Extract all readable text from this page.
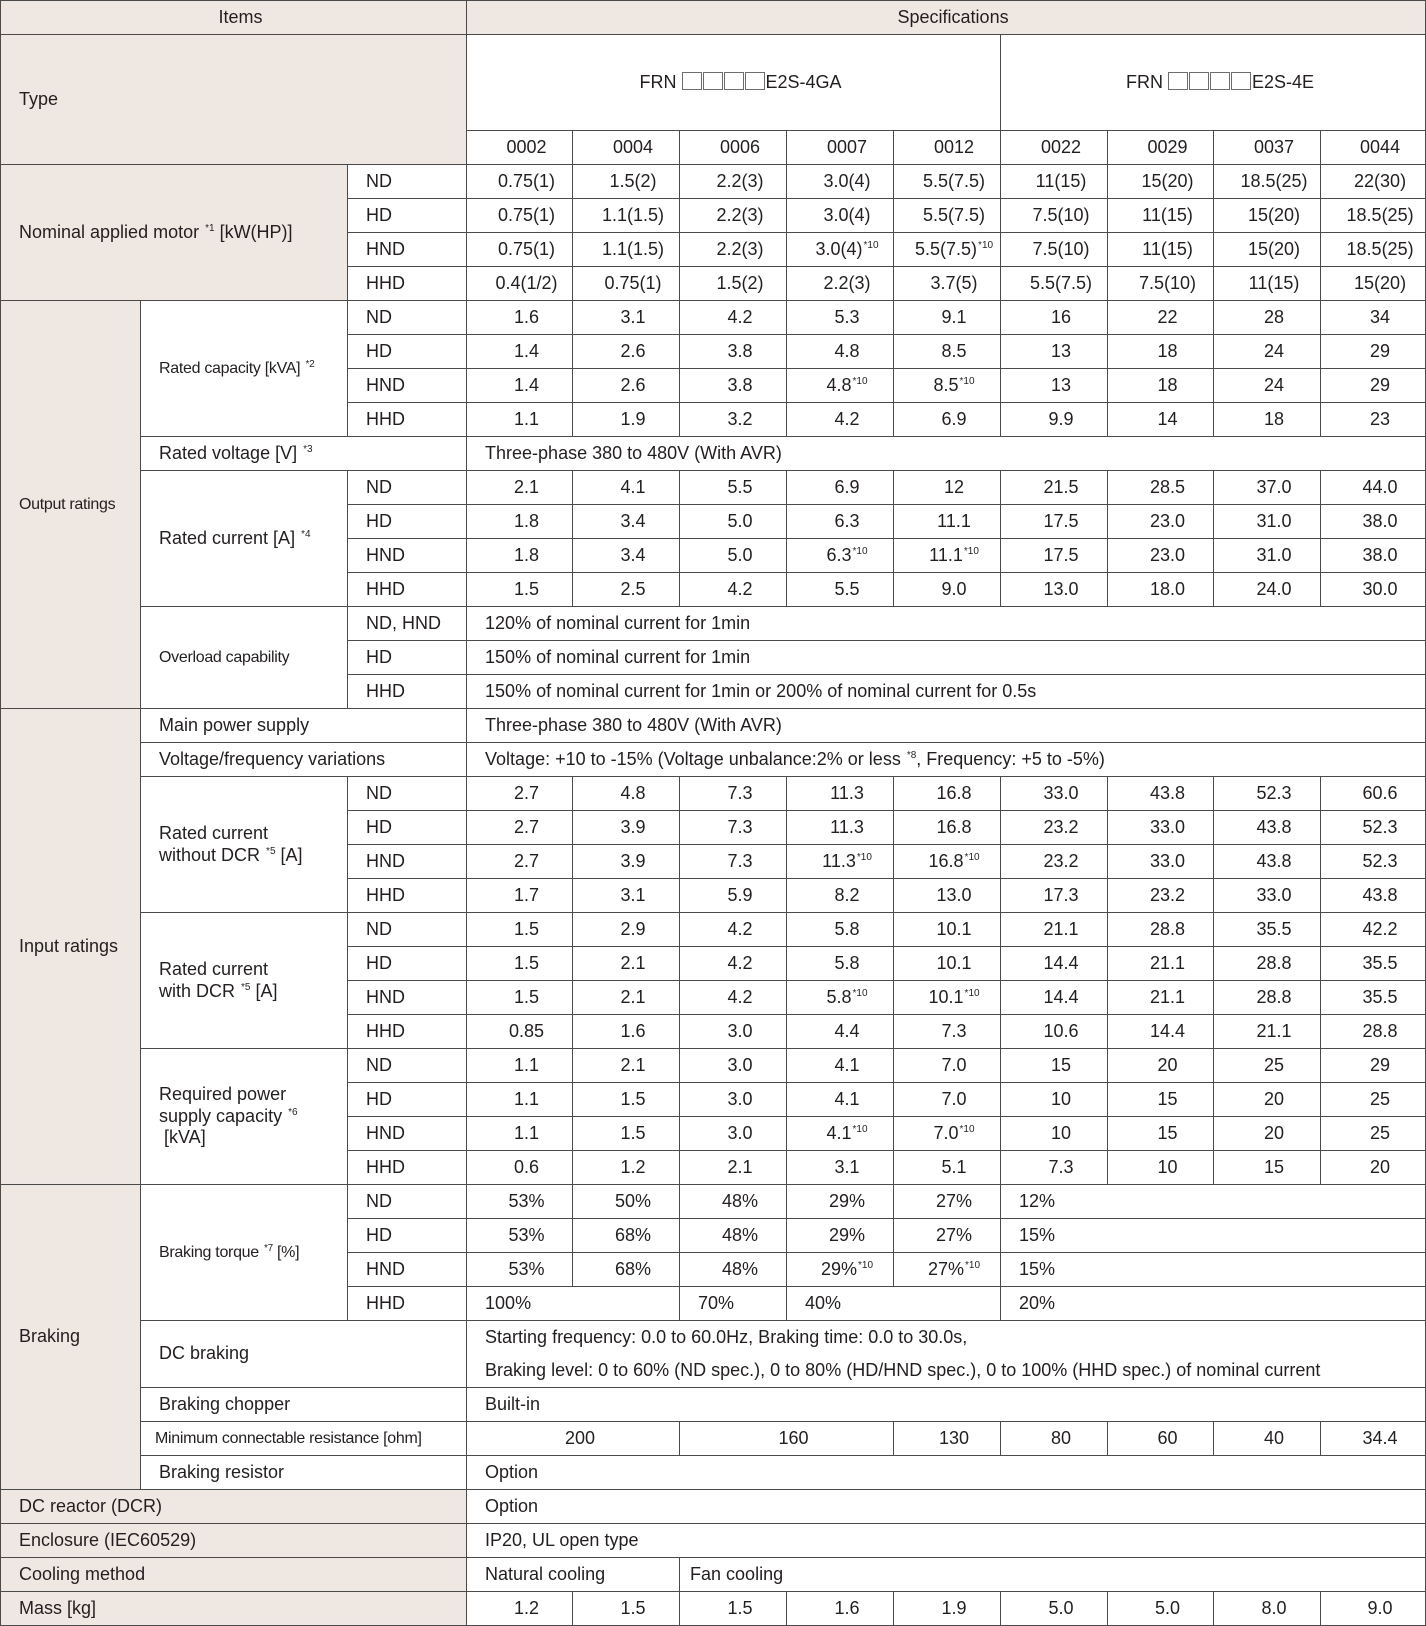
Items			Specifications								
Type			FRN E2S-4GA					FRN E2S-4E			
			0002	0004	0006	0007	0012	0022	0029	0037	0044
Nominal applied motor $^{*1}$ [kW(HP)]		ND	0.75(1)	1.5(2)	2.2(3)	3.0(4)	5.5(7.5)	11(15)	15(20)	18.5(25)	22(30)
		HD	0.75(1)	1.1(1.5)	2.2(3)	3.0(4)	5.5(7.5)	7.5(10)	11(15)	15(20)	18.5(25)
		HND	0.75(1)	1.1(1.5)	2.2(3)	$3.0(4)^{*10}$	$5.5(7.5)^{*10}$	7.5(10)	11(15)	15(20)	18.5(25)
		HHD	0.4(1/2)	0.75(1)	1.5(2)	2.2(3)	3.7(5)	5.5(7.5)	7.5(10)	11(15)	15(20)
Output ratings	Rated capacity [kVA] $^{*2}$	ND	1.6	3.1	4.2	5.3	9.1	16	22	28	34
		HD	1.4	2.6	3.8	4.8	8.5	13	18	24	29
		HND	1.4	2.6	3.8	4.8$^{*10}$	8.5$^{*10}$	13	18	24	29
		HHD	1.1	1.9	3.2	4.2	6.9	9.9	14	18	23
	Rated voltage [V] $^{*3}$		Three-phase 380 to 480V (With AVR)								
	Rated current [A] $^{*4}$	ND	2.1	4.1	5.5	6.9	12	21.5	28.5	37.0	44.0
		HD	1.8	3.4	5.0	6.3	11.1	17.5	23.0	31.0	38.0
		HND	1.8	3.4	5.0	6.3$^{*10}$	11.1$^{*10}$	17.5	23.0	31.0	38.0
		HHD	1.5	2.5	4.2	5.5	9.0	13.0	18.0	24.0	30.0
	Overload capability	ND, HND	120% of nominal current for 1min								
		HD	150% of nominal current for 1min								
		HHD	150% of nominal current for 1min or 200% of nominal current for 0.5s								
Input ratings	Main power supply		Three-phase 380 to 480V (With AVR)								
	Voltage/frequency variations		Voltage: +10 to -15% (Voltage unbalance:2% or less $^{*8}$, Frequency: +5 to -5%)								
	Rated current
without DCR $^{*5}$ [A]	ND	2.7	4.8	7.3	11.3	16.8	33.0	43.8	52.3	60.6
		HD	2.7	3.9	7.3	11.3	16.8	23.2	33.0	43.8	52.3
		HND	2.7	3.9	7.3	11.3$^{*10}$	16.8$^{*10}$	23.2	33.0	43.8	52.3
		HHD	1.7	3.1	5.9	8.2	13.0	17.3	23.2	33.0	43.8
	Rated current
with DCR $^{*5}$ [A]	ND	1.5	2.9	4.2	5.8	10.1	21.1	28.8	35.5	42.2
		HD	1.5	2.1	4.2	5.8	10.1	14.4	21.1	28.8	35.5
		HND	1.5	2.1	4.2	5.8$^{*10}$	10.1$^{*10}$	14.4	21.1	28.8	35.5
		HHD	0.85	1.6	3.0	4.4	7.3	10.6	14.4	21.1	28.8
	Required power
supply capacity $^{*6}$
[kVA]	ND	1.1	2.1	3.0	4.1	7.0	15	20	25	29
		HD	1.1	1.5	3.0	4.1	7.0	10	15	20	25
		HND	1.1	1.5	3.0	4.1$^{*10}$	7.0$^{*10}$	10	15	20	25
		HHD	0.6	1.2	2.1	3.1	5.1	7.3	10	15	20
Braking	Braking torque $^{*7}$ [%]	ND	53%	50%	48%	29%	27%	12%			
		HD	53%	68%	48%	29%	27%	15%			
		HND	53%	68%	48%	29%$^{*10}$	27%$^{*10}$	15%			
		HHD	100%		70%	40%		20%			
	DC braking		Starting frequency: 0.0 to 60.0Hz, Braking time: 0.0 to 30.0s,								
			Braking level: 0 to 60% (ND spec.), 0 to 80% (HD/HND spec.), 0 to 100% (HHD spec.) of nominal current								
	Braking chopper		Built-in								
	Minimum connectable resistance [ohm]		200		160		130	80	60	40	34.4
	Braking resistor		Option								
DC reactor (DCR)			Option								
Enclosure (IEC60529)			IP20, UL open type								
Cooling method			Natural cooling		Fan cooling						
Mass [kg]			1.2	1.5	1.5	1.6	1.9	5.0	5.0	8.0	9.0
